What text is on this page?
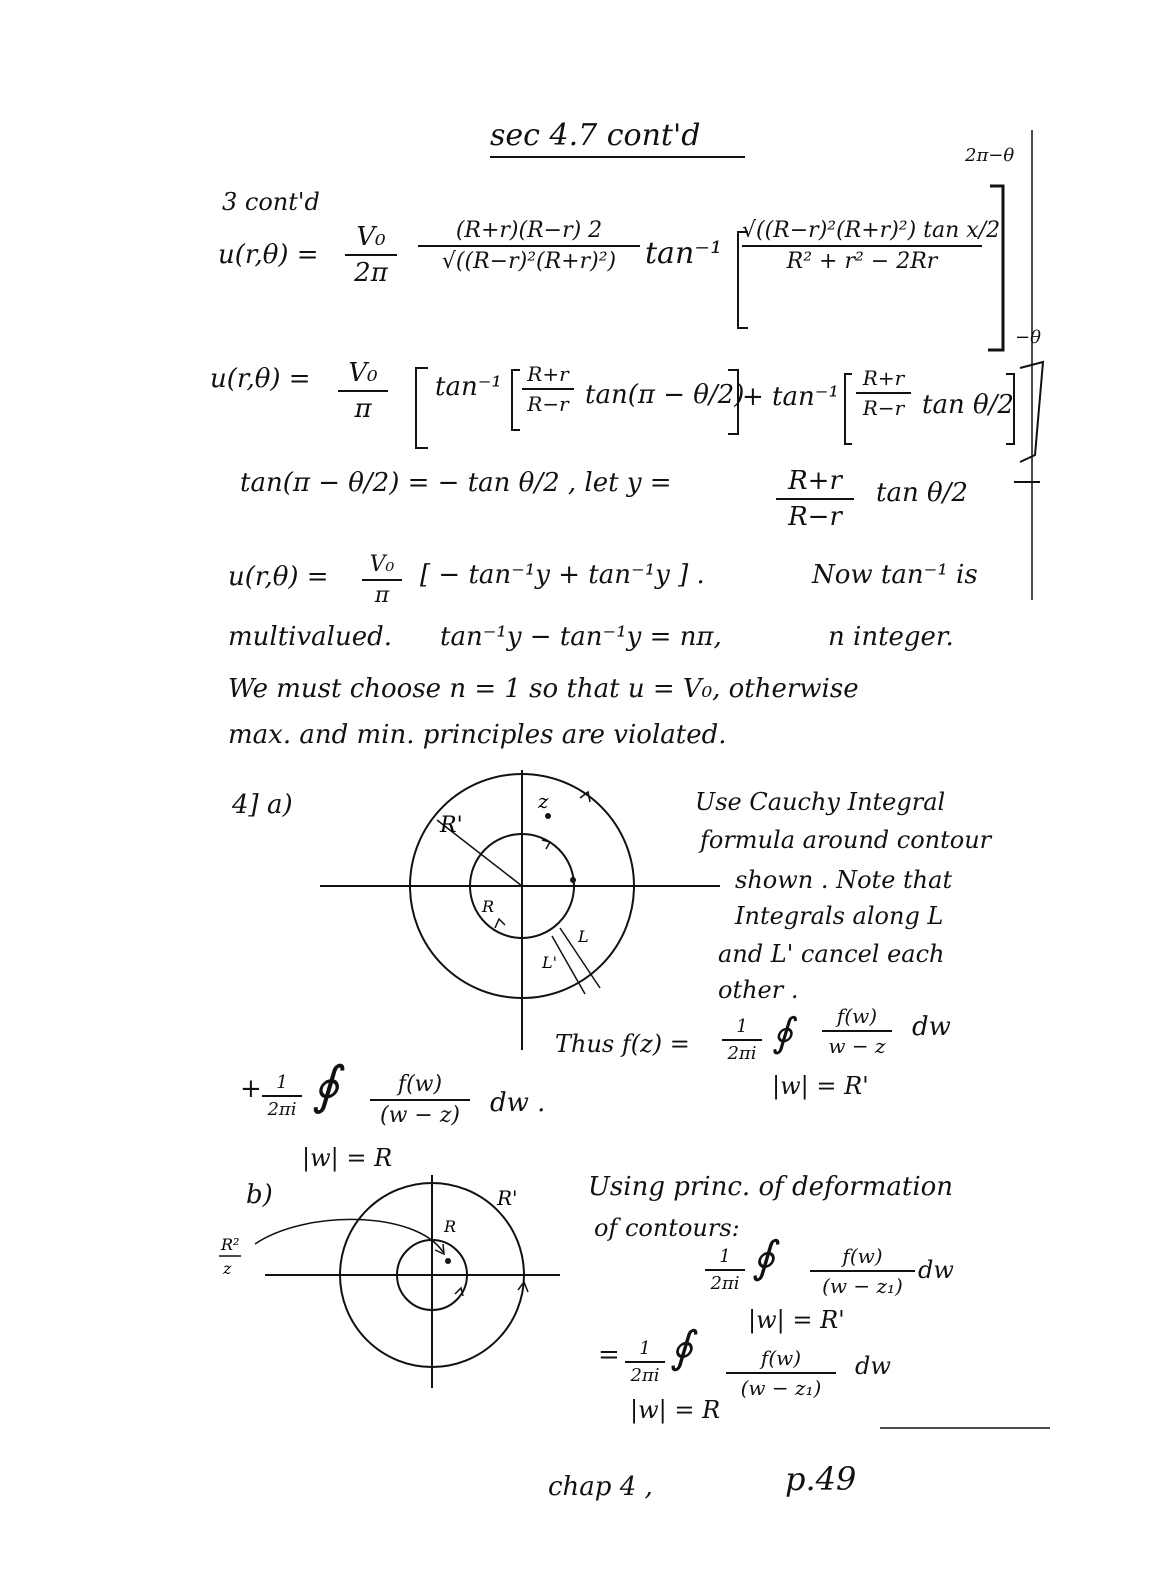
sec 4.7 cont'd
2π−θ
−θ
3 cont'd
u(r,θ) =
V₀
2π
(R+r)(R−r) 2
√((R−r)²(R+r)²) tan⁻¹
√((R−r)²(R+r)²) tan x/2
R² + r² − 2Rr
u(r,θ) =	V₀
π
tan⁻¹ R+r
R−r tan(π − θ/2)
+ tan⁻¹
R+r
R−r tan θ/2
tan(π − θ/2) = − tan θ/2 , let y =	R+r
R−r
tan θ/2
u(r,θ) =	V₀
π
[ − tan⁻¹y + tan⁻¹y ] .	Now tan⁻¹ is
multivalued. tan⁻¹y − tan⁻¹y = nπ,	n integer.
We must choose n = 1 so that u = V₀, otherwise
max. and min. principles are violated.
4] a)
R'
R
z
L
L'
Use Cauchy Integral
formula around contour
shown . Note that
Integrals along L
and L' cancel each
other .
Thus f(z) =
1
2πi ∮	f(w)
w − z
dw
|w| = R'
+ 1
2πi ∮	f(w)
(w − z)	dw .
|w| = R
b)	R'
R
R²
z
Using princ. of deformation
of contours:
1
2πi
∮	f(w)
(w − z₁)
dw
|w| = R'
=	1
2πi
∮	f(w)
(w − z₁)
dw
|w| = R
chap 4 ,	p.49
